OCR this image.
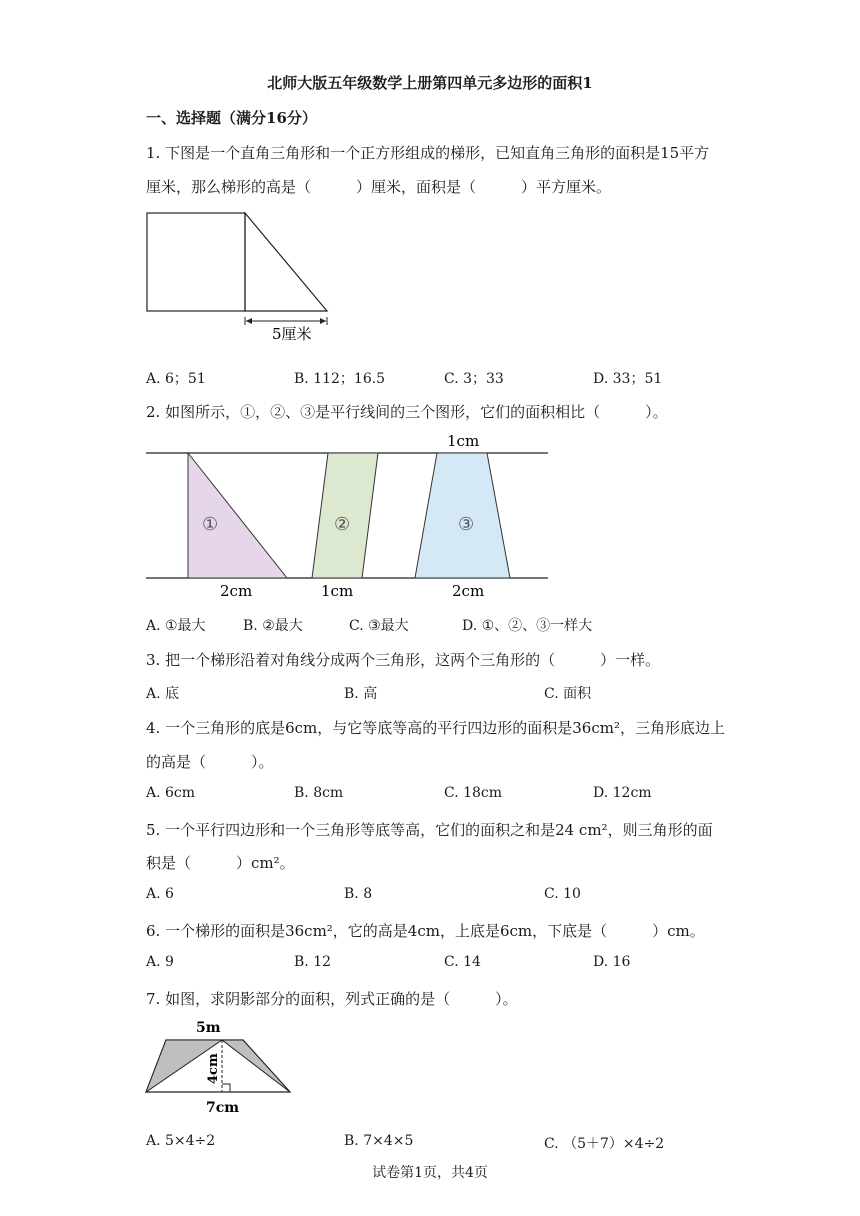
北师大版五年级数学上册第四单元多边形的面积1
一、选择题（满分16分）
1. 下图是一个直角三角形和一个正方形组成的梯形，已知直角三角形的面积是15平方
厘米，那么梯形的高是（　　　）厘米，面积是（　　　）平方厘米。
5厘米
A. 6；51	B. 112；16.5	C. 3；33	D. 33；51
2. 如图所示，①，②、③是平行线间的三个图形，它们的面积相比（　　　）。
1cm
①	②	③
2cm	1cm	2cm
A. ①最大	B. ②最大	C. ③最大	D. ①、②、③一样大
3. 把一个梯形沿着对角线分成两个三角形，这两个三角形的（　　　）一样。
A. 底	B. 高	C. 面积
4. 一个三角形的底是6cm，与它等底等高的平行四边形的面积是36cm²，三角形底边上
的高是（　　　）。
A. 6cm	B. 8cm	C. 18cm	D. 12cm
5. 一个平行四边形和一个三角形等底等高，它们的面积之和是24 cm²，则三角形的面
积是（　　　）cm²。
A. 6	B. 8	C. 10
6. 一个梯形的面积是36cm²，它的高是4cm，上底是6cm，下底是（　　　）cm。
A. 9	B. 12	C. 14	D. 16
7. 如图，求阴影部分的面积，列式正确的是（　　　）。
5m
4cm
7cm
A. 5×4÷2	B. 7×4×5	C. （5＋7）×4÷2
试卷第1页，共4页
